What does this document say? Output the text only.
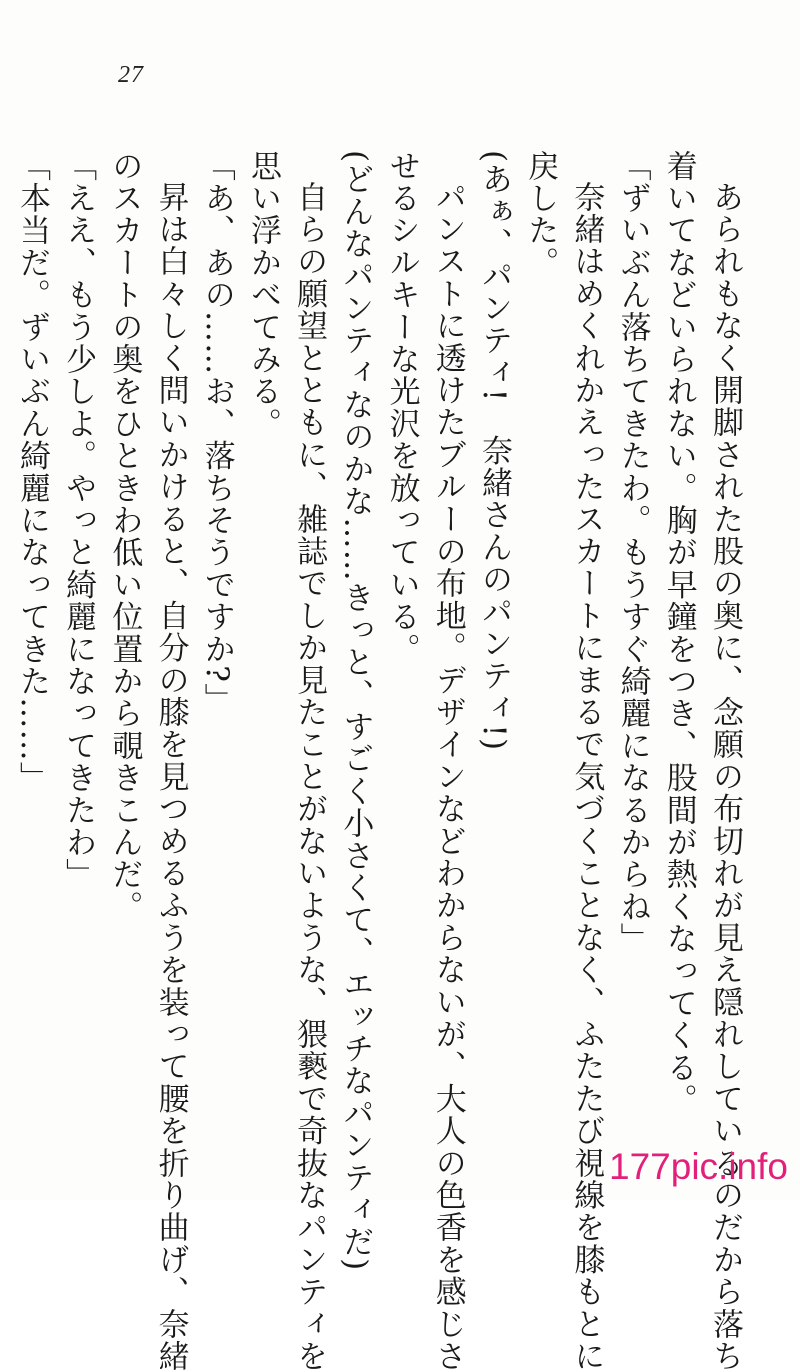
27
あられもなく開脚された股の奥に、念願の布切れが見え隠れしているのだから落ち
着いてなどいられない。胸が早鐘をつき、股間が熱くなってくる。
「ずいぶん落ちてきたわ。もうすぐ綺麗になるからね」
奈緒はめくれかえったスカートにまるで気づくことなく、ふたたび視線を膝もとに
戻した。
(あぁ、パンティ!　奈緒さんのパンティ!)
パンストに透けたブルーの布地。デザインなどわからないが、大人の色香を感じさ
せるシルキーな光沢を放っている。
(どんなパンティなのかな……きっと、すごく小さくて、エッチなパンティだ)
自らの願望とともに、雑誌でしか見たことがないような、猥褻で奇抜なパンティを
思い浮かべてみる。
「あ、あの……お、落ちそうですか?」
昇は白々しく問いかけると、自分の膝を見つめるふうを装って腰を折り曲げ、奈緒
のスカートの奥をひときわ低い位置から覗きこんだ。
「ええ、もう少しよ。やっと綺麗になってきたわ」
「本当だ。ずいぶん綺麗になってきた……」
177pic.info
